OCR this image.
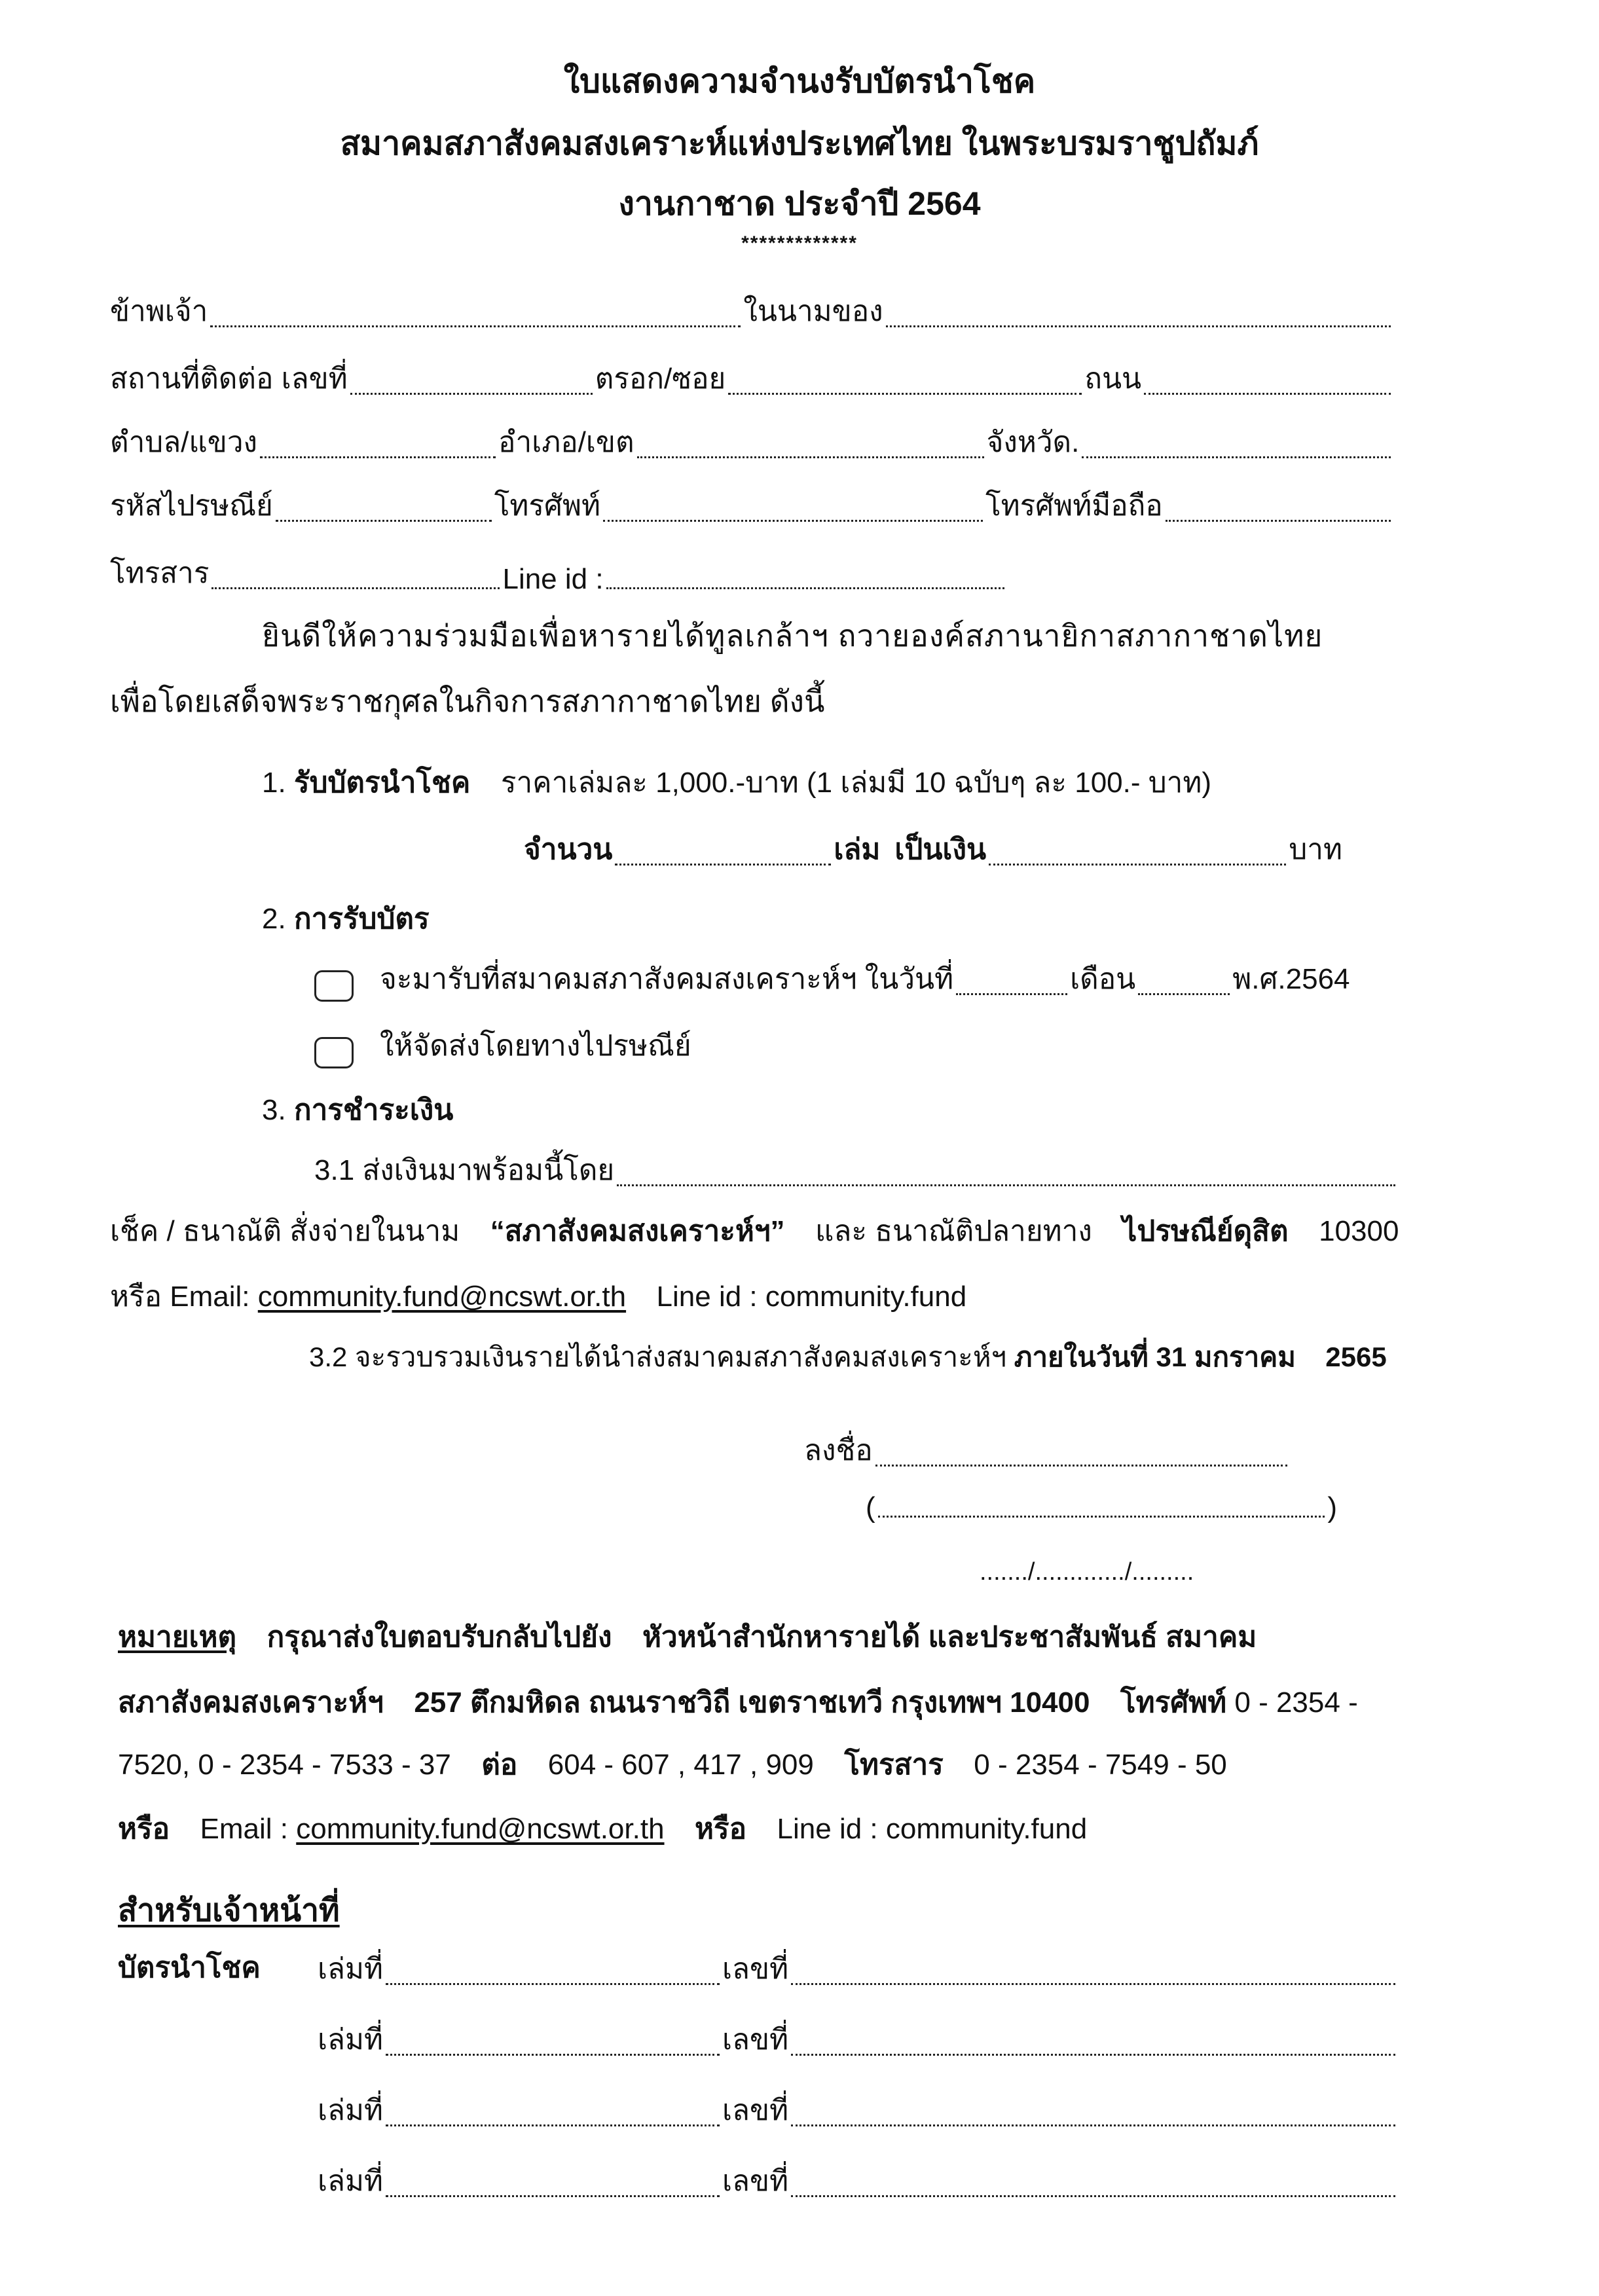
ใบแสดงความจำนงรับบัตรนำโชค
สมาคมสภาสังคมสงเคราะห์แห่งประเทศไทย ในพระบรมราชูปถัมภ์
งานกาชาด ประจำปี 2564
*************
ข้าพเจ้า	ในนามของ
สถานที่ติดต่อ เลขที่	ตรอก/ซอย	ถนน
ตำบล/แขวง	อำเภอ/เขต	จังหวัด.
รหัสไปรษณีย์	โทรศัพท์	โทรศัพท์มือถือ
โทรสาร	Line id :
ยินดีให้ความร่วมมือเพื่อหารายได้ทูลเกล้าฯ ถวายองค์สภานายิกาสภากาชาดไทย
เพื่อโดยเสด็จพระราชกุศลในกิจการสภากาชาดไทย ดังนี้
1. รับบัตรนำโชค ราคาเล่มละ 1,000.-บาท (1 เล่มมี 10 ฉบับๆ ละ 100.- บาท)
จำนวน	เล่ม เป็นเงิน	บาท
2. การรับบัตร
จะมารับที่สมาคมสภาสังคมสงเคราะห์ฯ ในวันที่	เดือน	พ.ศ.2564
ให้จัดส่งโดยทางไปรษณีย์
3. การชำระเงิน
3.1 ส่งเงินมาพร้อมนี้โดย
เช็ค / ธนาณัติ สั่งจ่ายในนาม “สภาสังคมสงเคราะห์ฯ” และ ธนาณัติปลายทาง ไปรษณีย์ดุสิต 10300
หรือ Email: community.fund@ncswt.or.th Line id : community.fund
3.2 จะรวบรวมเงินรายได้นำส่งสมาคมสภาสังคมสงเคราะห์ฯ ภายในวันที่ 31 มกราคม 2565
ลงชื่อ
(	)
......./............./.........
หมายเหตุ กรุณาส่งใบตอบรับกลับไปยัง หัวหน้าสำนักหารายได้ และประชาสัมพันธ์ สมาคม
สภาสังคมสงเคราะห์ฯ 257 ตึกมหิดล ถนนราชวิถี เขตราชเทวี กรุงเทพฯ 10400 โทรศัพท์ 0 - 2354 -
7520, 0 - 2354 - 7533 - 37 ต่อ 604 - 607 , 417 , 909 โทรสาร 0 - 2354 - 7549 - 50
หรือ Email : community.fund@ncswt.or.th หรือ Line id : community.fund
สำหรับเจ้าหน้าที่
บัตรนำโชค เล่มที่	เลขที่
เล่มที่	เลขที่
เล่มที่	เลขที่
เล่มที่	เลขที่
